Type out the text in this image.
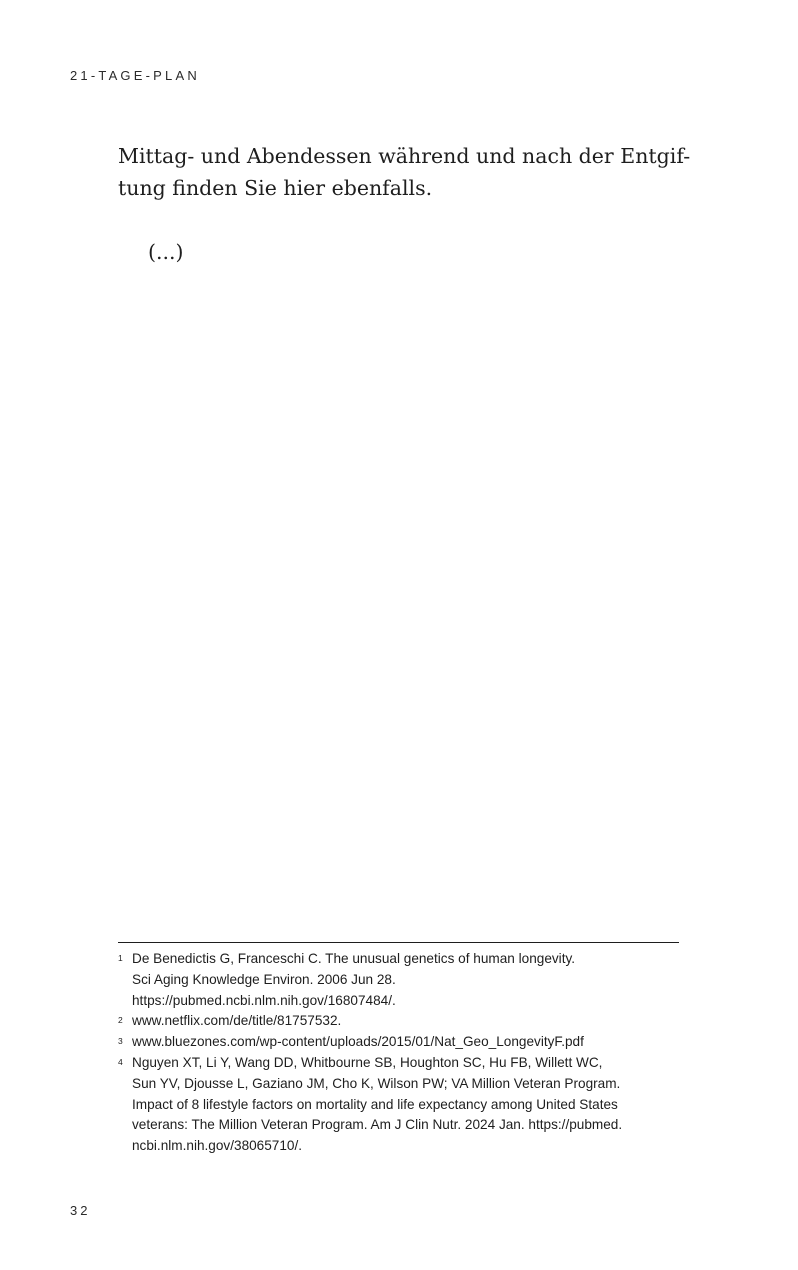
21-TAGE-PLAN

Mittag- und Abendessen während und nach der Entgif-
tung finden Sie hier ebenfalls.

(...)
1 De Benedictis G, Franceschi C. The unusual genetics of human longevity.
Sci Aging Knowledge Environ. 2006 Jun 28.
https://pubmed.ncbi.nlm.nih.gov/16807484/.
2 www.netflix.com/de/title/81757532.
3 www.bluezones.com/wp-content/uploads/2015/01/Nat_Geo_LongevityF.pdf
4 Nguyen XT, Li Y, Wang DD, Whitbourne SB, Houghton SC, Hu FB, Willett WC,
Sun YV, Djousse L, Gaziano JM, Cho K, Wilson PW; VA Million Veteran Program.
Impact of 8 lifestyle factors on mortality and life expectancy among United States
veterans: The Million Veteran Program. Am J Clin Nutr. 2024 Jan. https://pubmed.
ncbi.nlm.nih.gov/38065710/.
32
